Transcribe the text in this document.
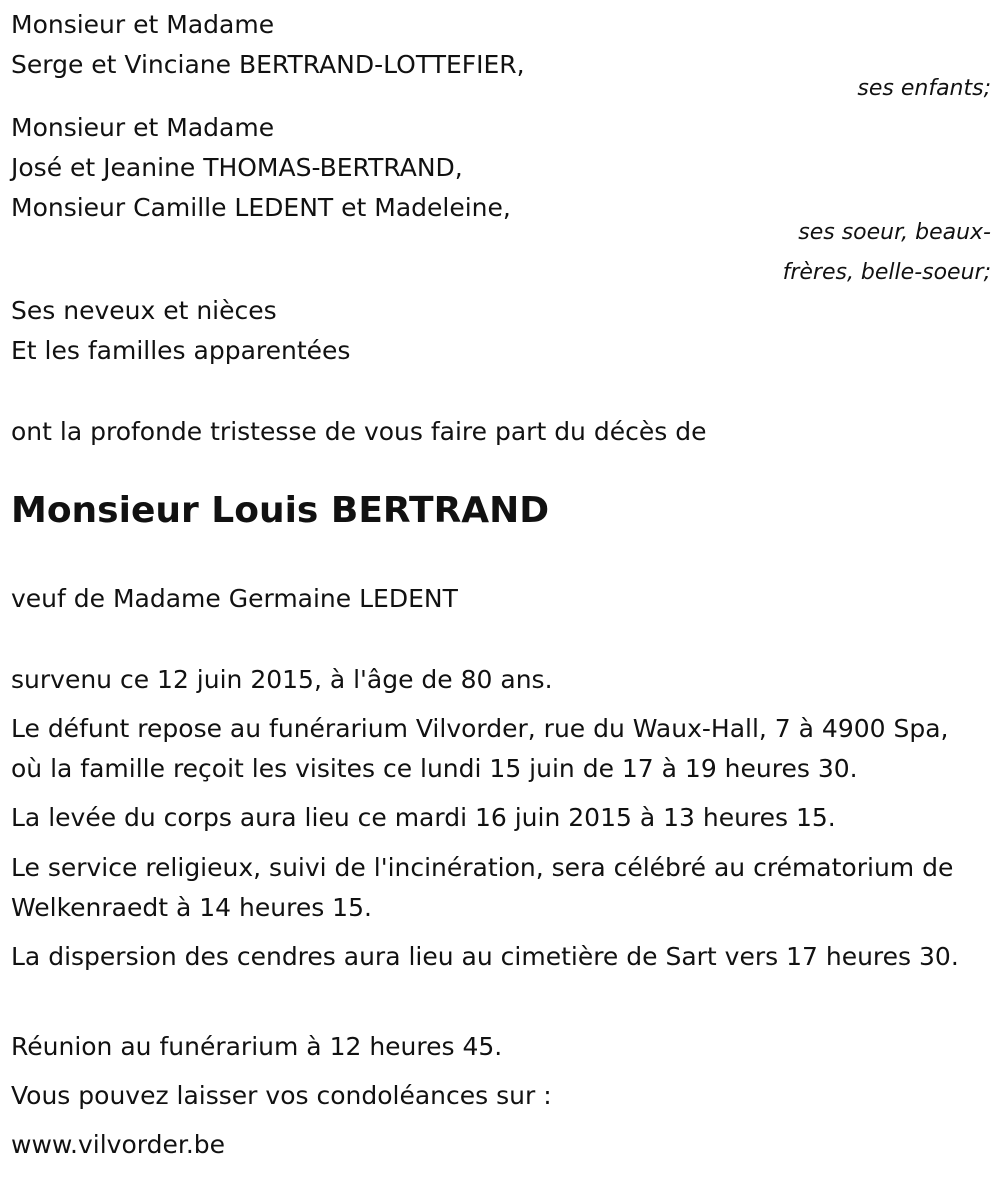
Monsieur et Madame
Serge et Vinciane BERTRAND-LOTTEFIER,
ses enfants;
Monsieur et Madame
José et Jeanine THOMAS-BERTRAND,
Monsieur Camille LEDENT et Madeleine,
ses soeur, beaux-
frères, belle-soeur;
Ses neveux et nièces
Et les familles apparentées
ont la profonde tristesse de vous faire part du décès de
Monsieur Louis BERTRAND
veuf de Madame Germaine LEDENT
survenu ce 12 juin 2015, à l'âge de 80 ans.
Le défunt repose au funérarium Vilvorder, rue du Waux-Hall, 7 à 4900 Spa, où la famille reçoit les visites ce lundi 15 juin de 17 à 19 heures 30.
La levée du corps aura lieu ce mardi 16 juin 2015 à 13 heures 15.
Le service religieux, suivi de l'incinération, sera célébré au crématorium de Welkenraedt à 14 heures 15.
La dispersion des cendres aura lieu au cimetière de Sart vers 17 heures 30.
Réunion au funérarium à 12 heures 45.
Vous pouvez laisser vos condoléances sur :
www.vilvorder.be
